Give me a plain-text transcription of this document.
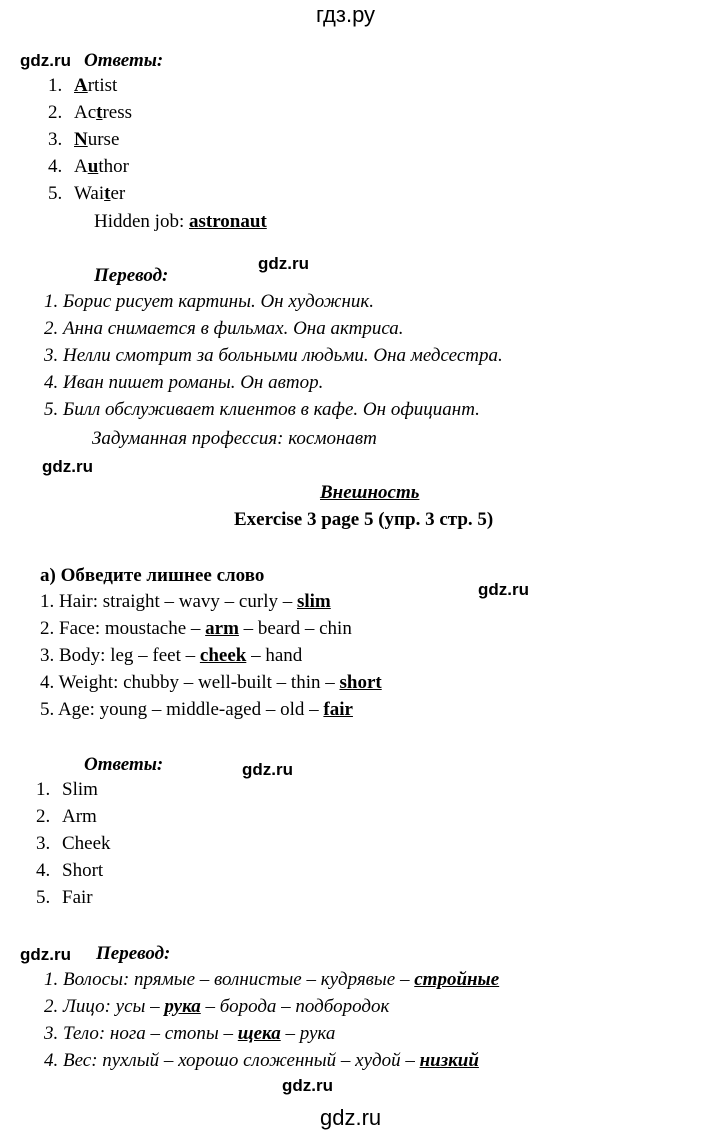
гдз.ру
gdz.ru Ответы:
1. Artist
2. Actress
3. Nurse
4. Author
5. Waiter
Hidden job: astronaut
gdz.ru
Перевод:
1. Борис рисует картины. Он художник.
2. Анна снимается в фильмах. Она актриса.
3. Нелли смотрит за больными людьми. Она медсестра.
4. Иван пишет романы. Он автор.
5. Билл обслуживает клиентов в кафе. Он официант.
Задуманная профессия: космонавт
gdz.ru
Внешность
Exercise 3 page 5 (упр. 3 стр. 5)
a) Обведите лишнее слово
gdz.ru
1. Hair: straight – wavy – curly – slim
2. Face: moustache – arm – beard – chin
3. Body: leg – feet – cheek – hand
4. Weight: chubby – well-built – thin – short
5. Age: young – middle-aged – old – fair
Ответы:	gdz.ru
1. Slim
2. Arm
3. Cheek
4. Short
5. Fair
gdz.ru Перевод:
1. Волосы: прямые – волнистые – кудрявые – стройные
2. Лицо: усы – рука – борода – подбородок
3. Тело: нога – стопы – щека – рука
4. Вес: пухлый – хорошо сложенный – худой – низкий
gdz.ru
gdz.ru
